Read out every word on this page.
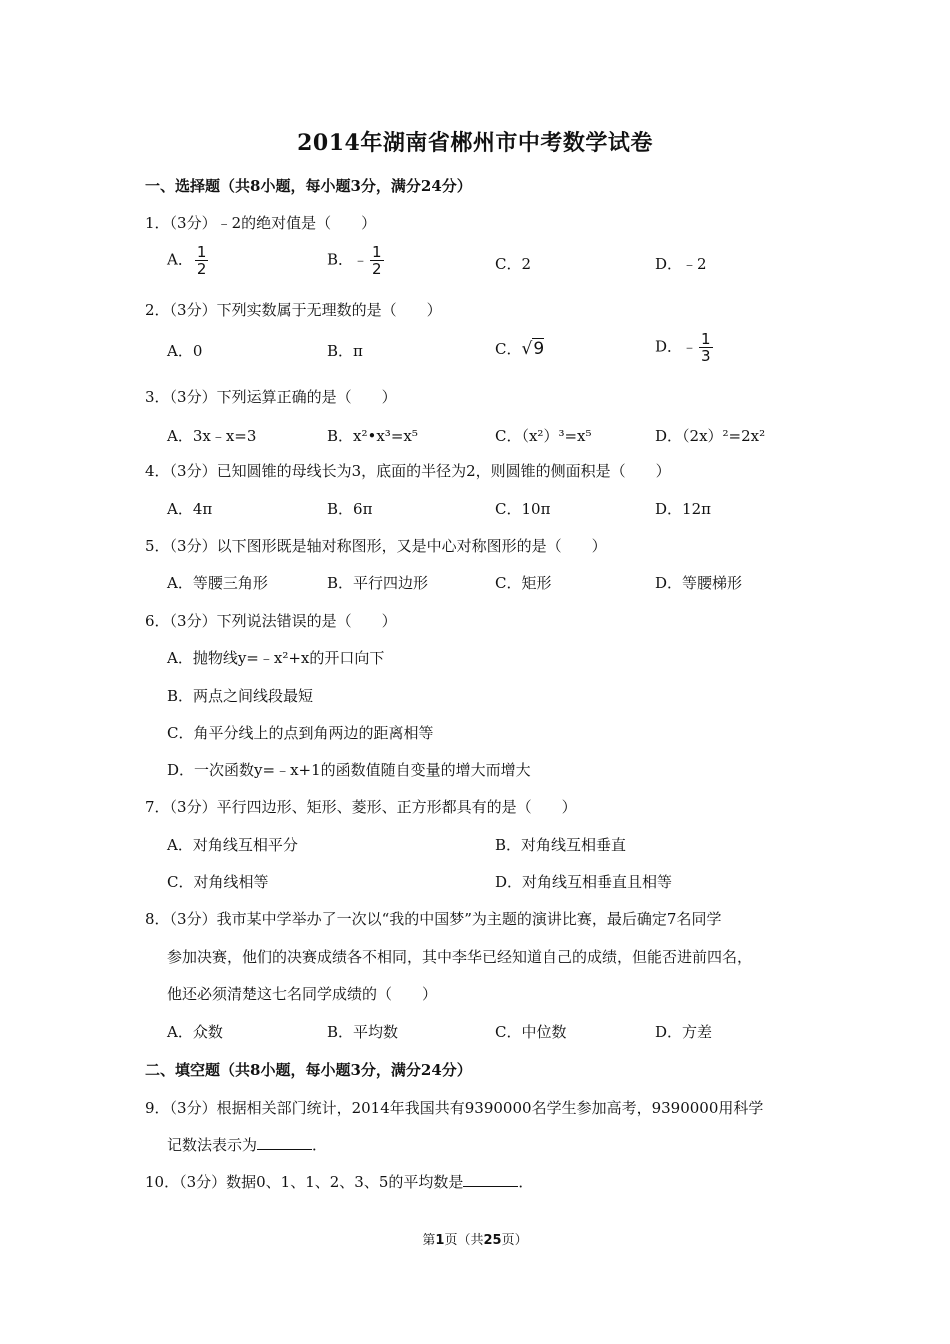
2014年湖南省郴州市中考数学试卷
一、选择题（共8小题，每小题3分，满分24分）
1．（3分）﹣2的绝对值是（　　）
A． $\frac{1}{2}$	B．﹣ $\frac{1}{2}$	C．2	D．﹣2
2．（3分）下列实数属于无理数的是（　　）
A．0	B．π	C．√9	D．﹣ $\frac{1}{3}$
3．（3分）下列运算正确的是（　　）
A．3x﹣x=3	B．x²•x³=x⁵	C．（x²）³=x⁵	D．（2x）²=2x²
4．（3分）已知圆锥的母线长为3，底面的半径为2，则圆锥的侧面积是（　　）
A．4π	B．6π	C．10π	D．12π
5．（3分）以下图形既是轴对称图形，又是中心对称图形的是（　　）
A．等腰三角形	B．平行四边形	C．矩形	D．等腰梯形
6．（3分）下列说法错误的是（　　）
A．抛物线y=﹣x²+x的开口向下
B．两点之间线段最短
C．角平分线上的点到角两边的距离相等
D．一次函数y=﹣x+1的函数值随自变量的增大而增大
7．（3分）平行四边形、矩形、菱形、正方形都具有的是（　　）
A．对角线互相平分	B．对角线互相垂直
C．对角线相等	D．对角线互相垂直且相等
8．（3分）我市某中学举办了一次以“我的中国梦”为主题的演讲比赛，最后确定7名同学
参加决赛，他们的决赛成绩各不相同，其中李华已经知道自己的成绩，但能否进前四名，
他还必须清楚这七名同学成绩的（　　）
A．众数	B．平均数	C．中位数	D．方差
二、填空题（共8小题，每小题3分，满分24分）
9．（3分）根据相关部门统计，2014年我国共有9390000名学生参加高考，9390000用科学
记数法表示为	．
10．（3分）数据0、1、1、2、3、5的平均数是	．
第1页（共25页）
